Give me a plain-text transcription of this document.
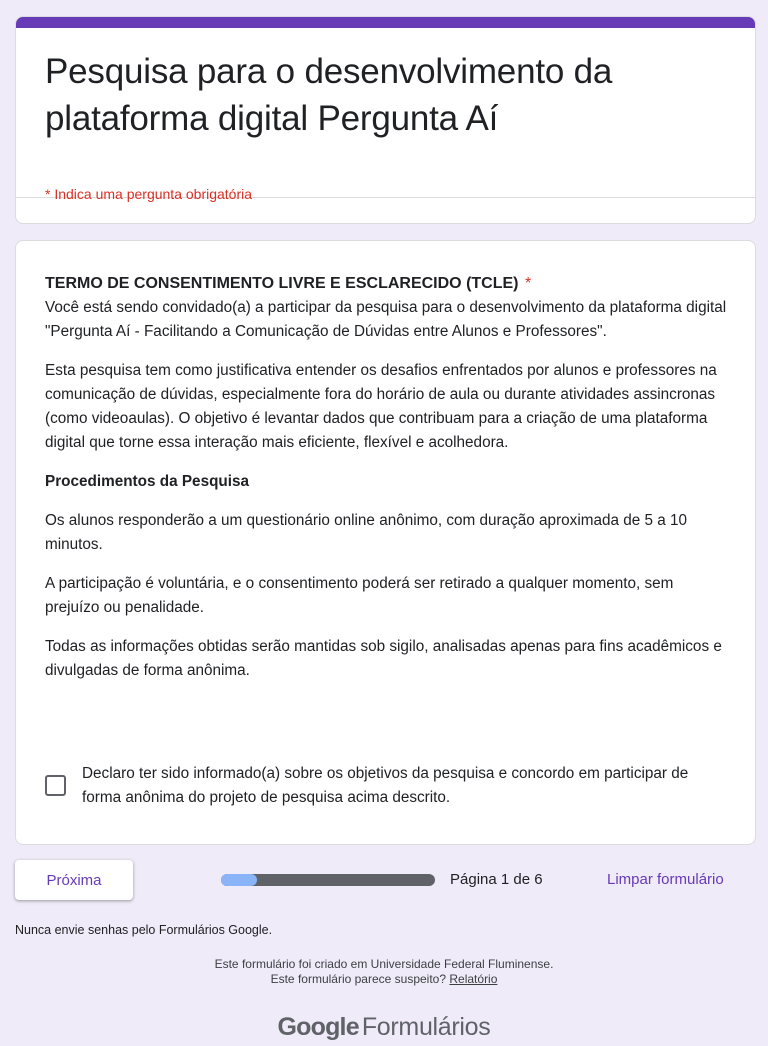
Pesquisa para o desenvolvimento da plataforma digital Pergunta Aí
* Indica uma pergunta obrigatória
TERMO DE CONSENTIMENTO LIVRE E ESCLARECIDO (TCLE) *

Você está sendo convidado(a) a participar da pesquisa para o desenvolvimento da plataforma digital "Pergunta Aí - Facilitando a Comunicação de Dúvidas entre Alunos e Professores".

Esta pesquisa tem como justificativa entender os desafios enfrentados por alunos e professores na comunicação de dúvidas, especialmente fora do horário de aula ou durante atividades assincronas (como videoaulas). O objetivo é levantar dados que contribuam para a criação de uma plataforma digital que torne essa interação mais eficiente, flexível e acolhedora.

Procedimentos da Pesquisa

Os alunos responderão a um questionário online anônimo, com duração aproximada de 5 a 10 minutos.

A participação é voluntária, e o consentimento poderá ser retirado a qualquer momento, sem prejuízo ou penalidade.

Todas as informações obtidas serão mantidas sob sigilo, analisadas apenas para fins acadêmicos e divulgadas de forma anônima.

Declaro ter sido informado(a) sobre os objetivos da pesquisa e concordo em participar de forma anônima do projeto de pesquisa acima descrito.
Próxima	Página 1 de 6	Limpar formulário
Nunca envie senhas pelo Formulários Google.
Este formulário foi criado em Universidade Federal Fluminense.
Este formulário parece suspeito? Relatório
Google Formulários
